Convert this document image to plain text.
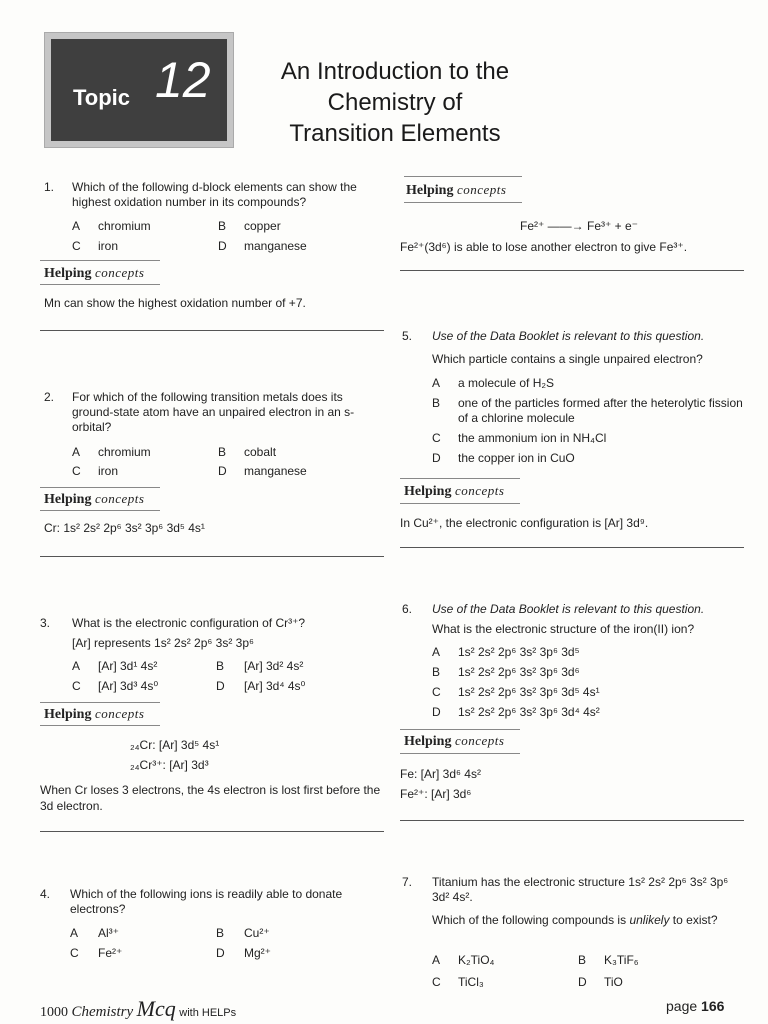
Topic 12	An Introduction to the
Chemistry of
Transition Elements
1. Which of the following d-block elements can show the highest oxidation number in its compounds?
A chromium	B copper
C iron	D manganese
Helping concepts
Mn can show the highest oxidation number of +7.
2. For which of the following transition metals does its ground-state atom have an unpaired electron in an s-orbital?
A chromium	B cobalt
C iron	D manganese
Helping concepts
Cr: 1s² 2s² 2p⁶ 3s² 3p⁶ 3d⁵ 4s¹
3. What is the electronic configuration of Cr³⁺?
[Ar] represents 1s² 2s² 2p⁶ 3s² 3p⁶
A [Ar] 3d¹ 4s²	B [Ar] 3d² 4s²
C [Ar] 3d³ 4s⁰	D [Ar] 3d⁴ 4s⁰
Helping concepts
₂₄Cr: [Ar] 3d⁵ 4s¹
₂₄Cr³⁺: [Ar] 3d³
When Cr loses 3 electrons, the 4s electron is lost first before the 3d electron.
4. Which of the following ions is readily able to donate electrons?
A Al³⁺	B Cu²⁺
C Fe²⁺	D Mg²⁺
Helping concepts
Fe²⁺ ——→ Fe³⁺ + e⁻
Fe²⁺(3d⁶) is able to lose another electron to give Fe³⁺.
5. Use of the Data Booklet is relevant to this question.
Which particle contains a single unpaired electron?
A a molecule of H₂S
B one of the particles formed after the heterolytic fission of a chlorine molecule
C the ammonium ion in NH₄Cl
D the copper ion in CuO
Helping concepts
In Cu²⁺, the electronic configuration is [Ar] 3d⁹.
6. Use of the Data Booklet is relevant to this question.
What is the electronic structure of the iron(II) ion?
A 1s² 2s² 2p⁶ 3s² 3p⁶ 3d⁵
B 1s² 2s² 2p⁶ 3s² 3p⁶ 3d⁶
C 1s² 2s² 2p⁶ 3s² 3p⁶ 3d⁵ 4s¹
D 1s² 2s² 2p⁶ 3s² 3p⁶ 3d⁴ 4s²
Helping concepts
Fe: [Ar] 3d⁶ 4s²
Fe²⁺: [Ar] 3d⁶
7. Titanium has the electronic structure 1s² 2s² 2p⁶ 3s² 3p⁶ 3d² 4s².
Which of the following compounds is unlikely to exist?
A K₂TiO₄	B K₃TiF₆
C TiCl₃	D TiO
1000 Chemistry Mcq with HELPs	page 166
